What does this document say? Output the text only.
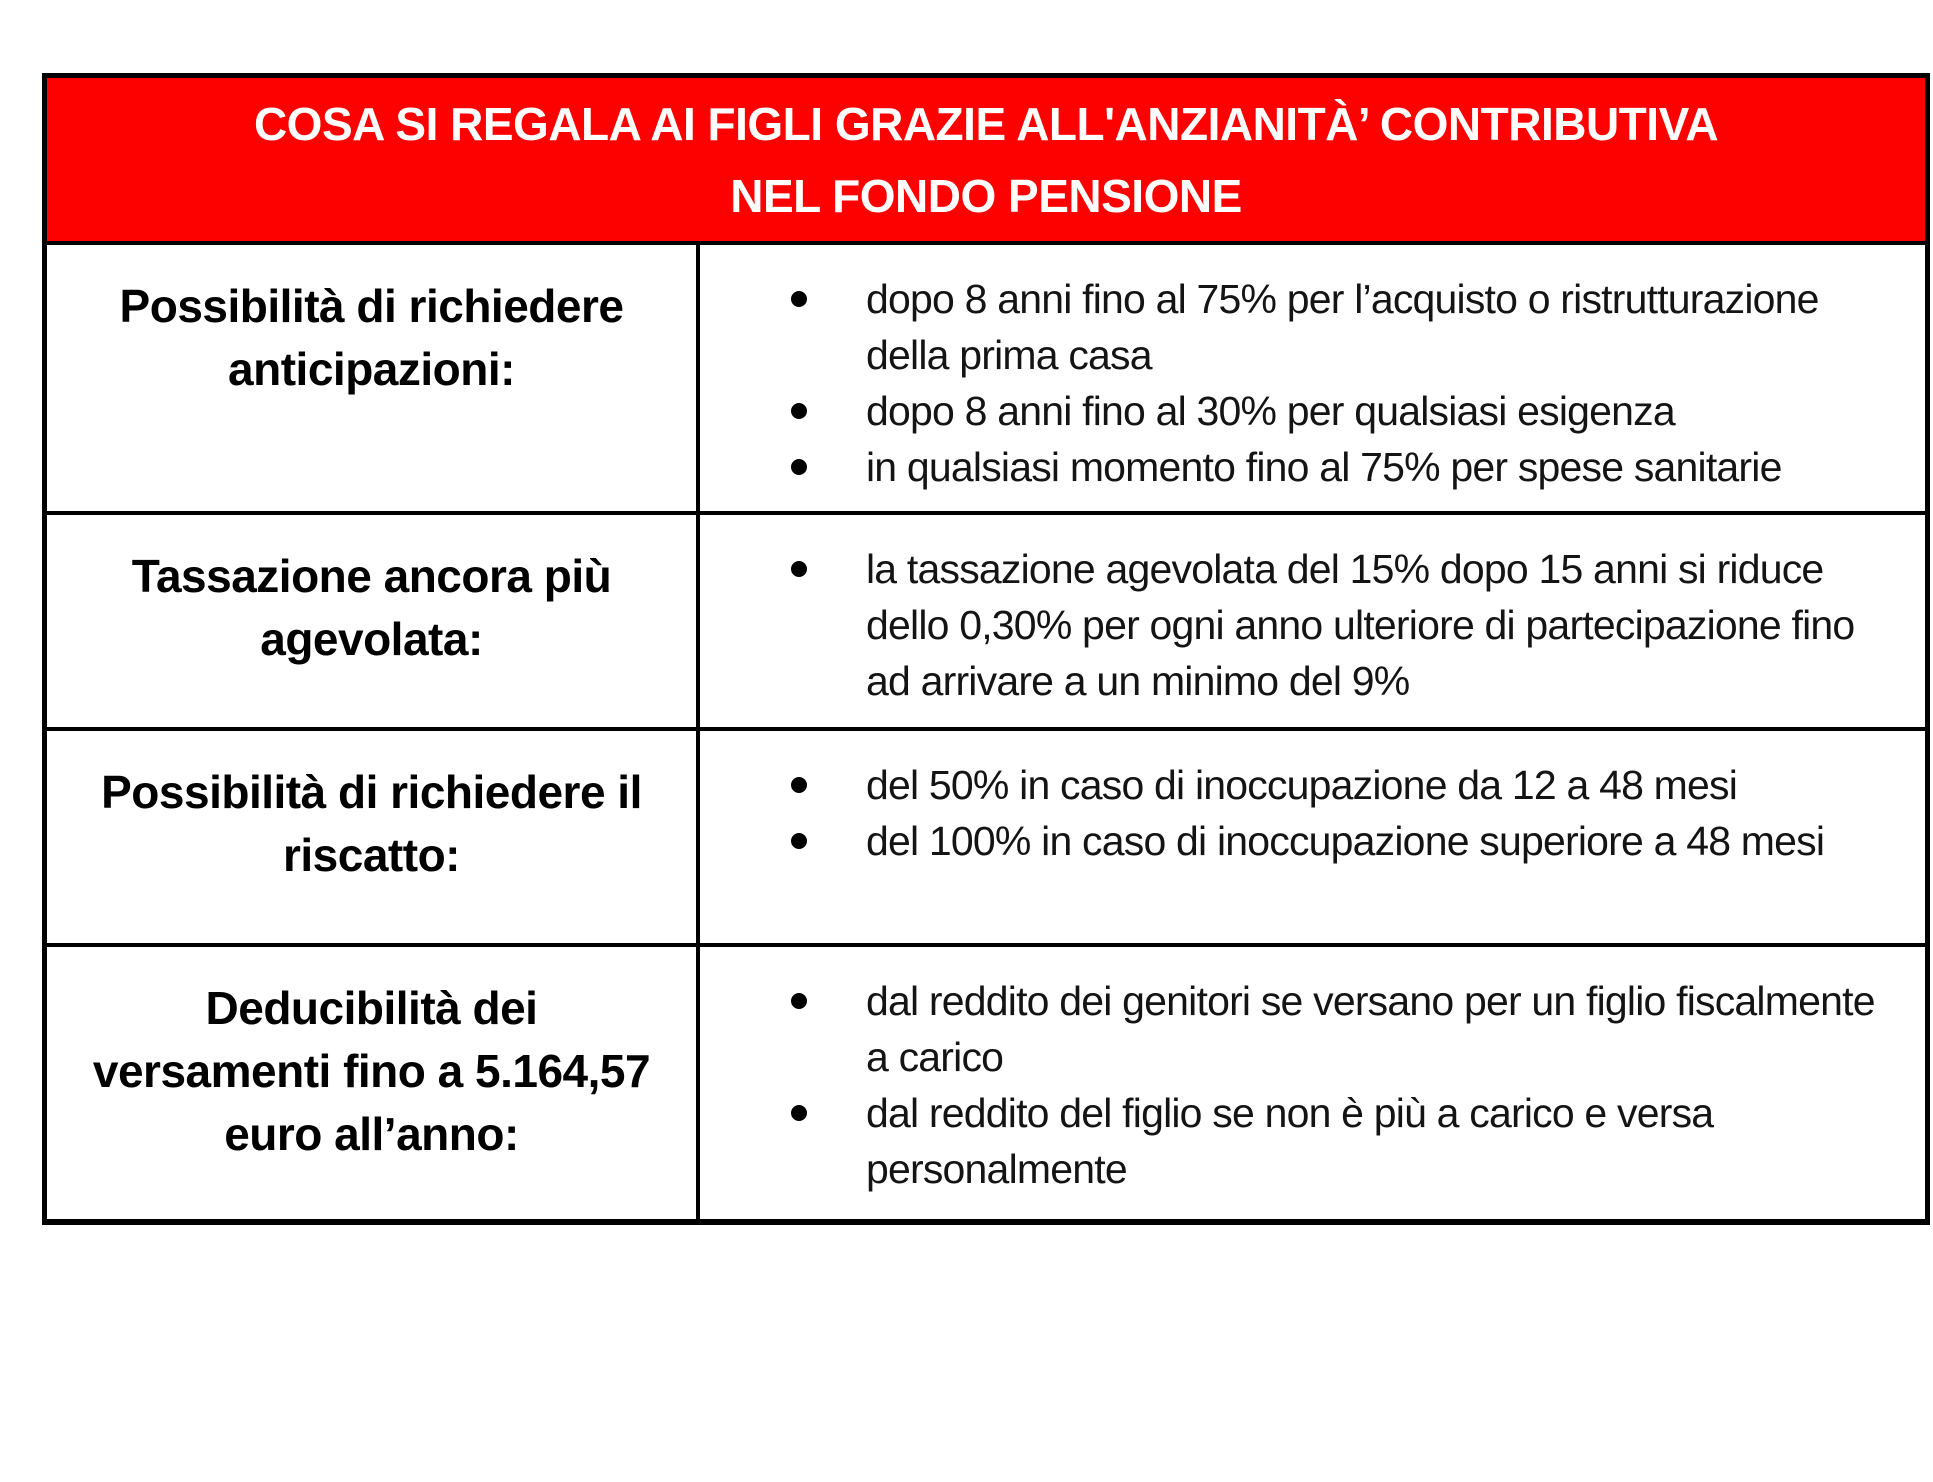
COSA SI REGALA AI FIGLI GRAZIE ALL'ANZIANITÀ’ CONTRIBUTIVA
NEL FONDO PENSIONE
Possibilità di richiedere
anticipazioni:
dopo 8 anni fino al 75% per l’acquisto o ristrutturazione della prima casa
dopo 8 anni fino al 30% per qualsiasi esigenza
in qualsiasi momento fino al 75% per spese sanitarie
Tassazione ancora più
agevolata:
la tassazione agevolata del 15% dopo 15 anni si riduce dello 0,30% per ogni anno ulteriore di partecipazione fino ad arrivare a un minimo del 9%
Possibilità di richiedere il
riscatto:
del 50% in caso di inoccupazione da 12 a 48 mesi
del 100% in caso di inoccupazione superiore a 48 mesi
Deducibilità dei
versamenti fino a 5.164,57
euro all’anno:
dal reddito dei genitori se versano per un figlio fiscalmente a carico
dal reddito del figlio se non è più a carico e versa personalmente
